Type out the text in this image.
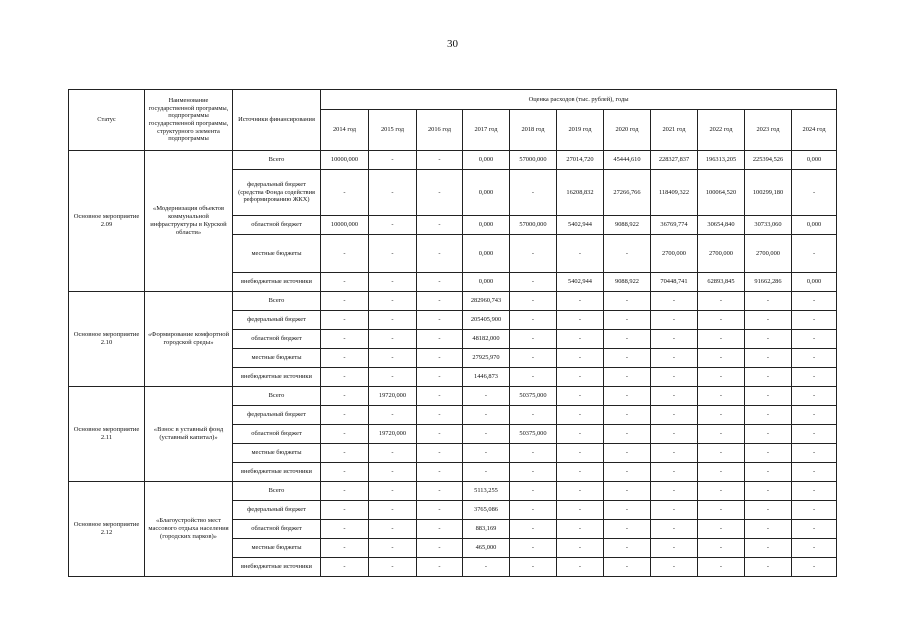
30
Статус	Наименование государственной программы, подпрограммы государственной программы, структурного элемента подпрограммы	Источники финансирования	Оценка расходов (тыс. рублей), годы										
			2014 год	2015 год	2016 год	2017 год	2018 год	2019 год	2020 год	2021 год	2022 год	2023 год	2024 год
Основное мероприятие 2.09	«Модернизация объектов коммунальной инфраструктуры в Курской области»	Всего	10000,000	-	-	0,000	57000,000	27014,720	45444,610	228327,837	196313,205	225394,526	0,000
		федеральный бюджет (средства Фонда содействия реформированию ЖКХ)	-	-	-	0,000	-	16208,832	27266,766	118409,322	100064,520	100299,180	-
		областной бюджет	10000,000	-	-	0,000	57000,000	5402,944	9088,922	36769,774	30654,840	30733,060	0,000
		местные бюджеты	-	-	-	0,000	-	-	-	2700,000	2700,000	2700,000	-
		внебюджетные источники	-	-	-	0,000	-	5402,944	9088,922	70448,741	62893,845	91662,286	0,000
Основное мероприятие 2.10	«Формирование комфортной городской среды»	Всего	-	-	-	282960,743	-	-	-	-	-	-	-
		федеральный бюджет	-	-	-	205405,900	-	-	-	-	-	-	-
		областной бюджет	-	-	-	48182,000	-	-	-	-	-	-	-
		местные бюджеты	-	-	-	27925,970	-	-	-	-	-	-	-
		внебюджетные источники	-	-	-	1446,873	-	-	-	-	-	-	-
Основное мероприятие 2.11	«Взнос в уставный фонд (уставный капитал)»	Всего	-	19720,000	-	-	50375,000	-	-	-	-	-	-
		федеральный бюджет	-	-	-	-	-	-	-	-	-	-	-
		областной бюджет	-	19720,000	-	-	50375,000	-	-	-	-	-	-
		местные бюджеты	-	-	-	-	-	-	-	-	-	-	-
		внебюджетные источники	-	-	-	-	-	-	-	-	-	-	-
Основное мероприятие 2.12	«Благоустройство мест массового отдыха населения (городских парков)»	Всего	-	-	-	5113,255	-	-	-	-	-	-	-
		федеральный бюджет	-	-	-	3765,086	-	-	-	-	-	-	-
		областной бюджет	-	-	-	883,169	-	-	-	-	-	-	-
		местные бюджеты	-	-	-	465,000	-	-	-	-	-	-	-
		внебюджетные источники	-	-	-	-	-	-	-	-	-	-	-
